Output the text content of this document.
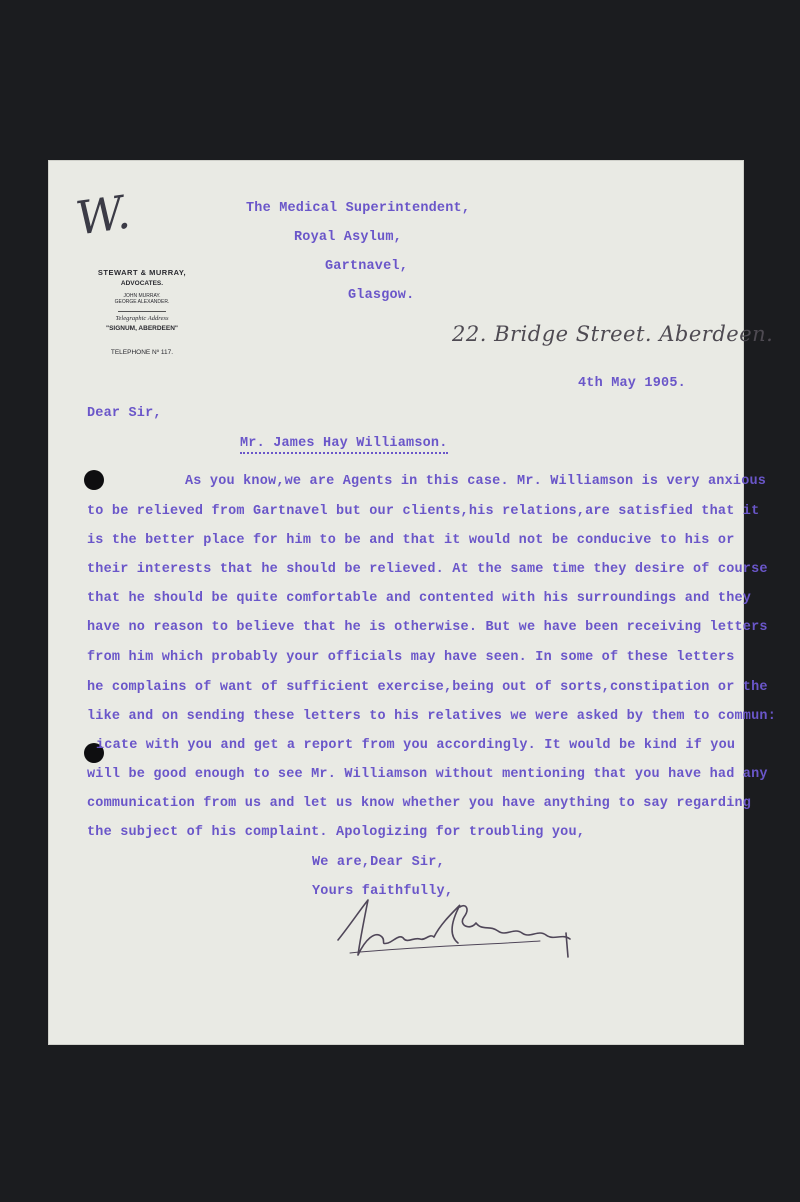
W.
STEWART & MURRAY,
ADVOCATES.
JOHN MURRAY.
GEORGE ALEXANDER.
Telegraphic Address
"SIGNUM, ABERDEEN"
TELEPHONE Nº 117.
The Medical Superintendent,
Royal Asylum,
Gartnavel,
Glasgow.
22. Bridge Street. Aberdeen.
4th May 1905.
Dear Sir,
Mr. James Hay Williamson.
As you know,we are Agents in this case. Mr. Williamson is very anxious
to be relieved from Gartnavel but our clients,his relations,are satisfied that it
is the better place for him to be and that it would not be conducive to his or
their interests that he should be relieved. At the same time they desire of course
that he should be quite comfortable and contented with his surroundings and they
have no reason to believe that he is otherwise. But we have been receiving letters
from him which probably your officials may have seen. In some of these letters
he complains of want of sufficient exercise,being out of sorts,constipation or the
like and on sending these letters to his relatives we were asked by them to commun:
icate with you and get a report from you accordingly. It would be kind if you
will be good enough to see Mr. Williamson without mentioning that you have had any
communication from us and let us know whether you have anything to say regarding
the subject of his complaint. Apologizing for troubling you,
We are,Dear Sir,
Yours faithfully,
